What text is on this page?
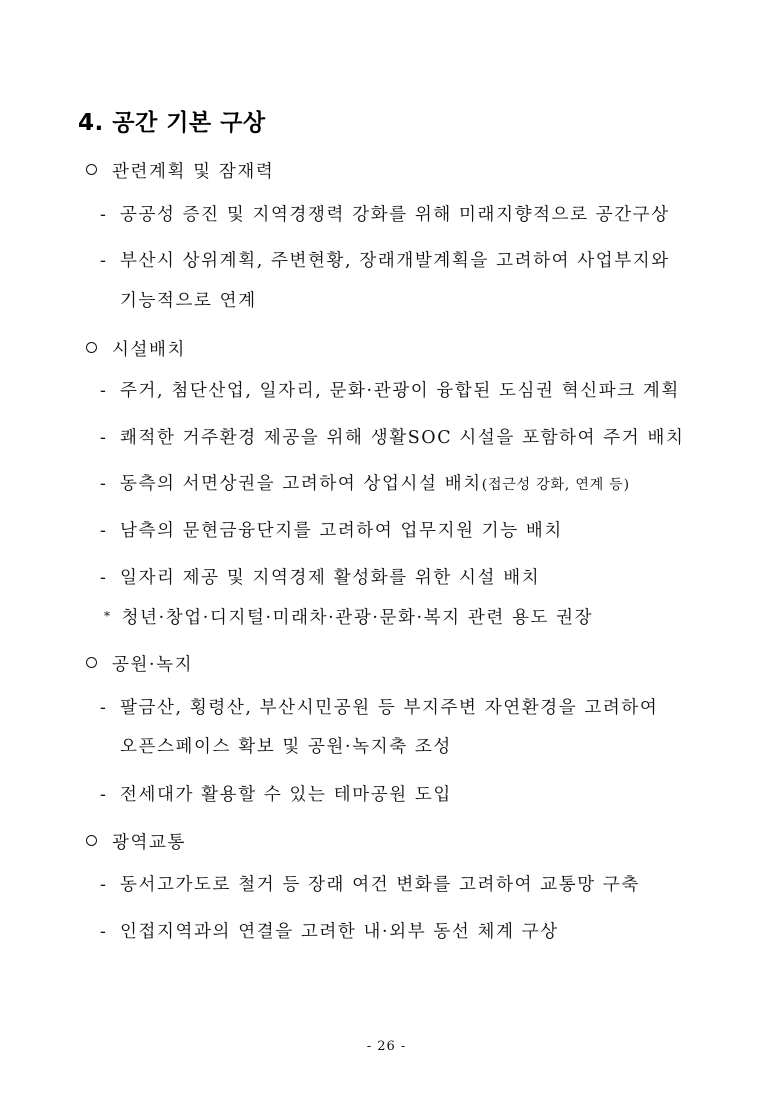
4. 공간 기본 구상
관련계획 및 잠재력
- 공공성 증진 및 지역경쟁력 강화를 위해 미래지향적으로 공간구상
- 부산시 상위계획, 주변현황, 장래개발계획을 고려하여 사업부지와
기능적으로 연계
시설배치
- 주거, 첨단산업, 일자리, 문화·관광이 융합된 도심권 혁신파크 계획
- 쾌적한 거주환경 제공을 위해 생활SOC 시설을 포함하여 주거 배치
- 동측의 서면상권을 고려하여 상업시설 배치(접근성 강화, 연계 등)
- 남측의 문현금융단지를 고려하여 업무지원 기능 배치
- 일자리 제공 및 지역경제 활성화를 위한 시설 배치
* 청년·창업·디지털·미래차·관광·문화·복지 관련 용도 권장
공원·녹지
- 팔금산, 횡령산, 부산시민공원 등 부지주변 자연환경을 고려하여
오픈스페이스 확보 및 공원·녹지축 조성
- 전세대가 활용할 수 있는 테마공원 도입
광역교통
- 동서고가도로 철거 등 장래 여건 변화를 고려하여 교통망 구축
- 인접지역과의 연결을 고려한 내·외부 동선 체계 구상
- 26 -
